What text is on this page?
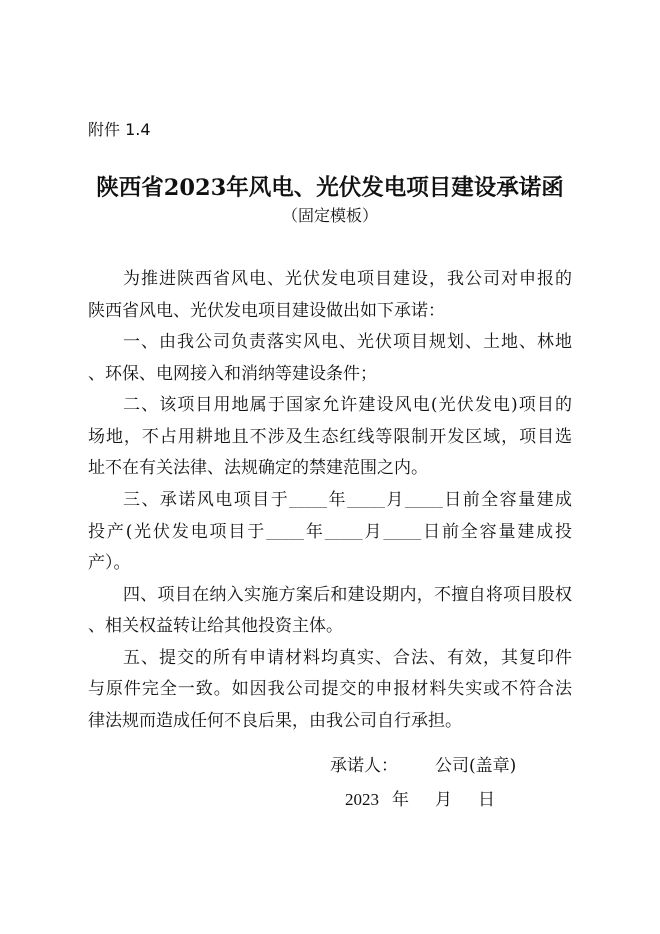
附件 1.4
陕西省2023年风电、光伏发电项目建设承诺函
（固定模板）
为推进陕西省风电、光伏发电项目建设，我公司对申报的
陕西省风电、光伏发电项目建设做出如下承诺：
一、由我公司负责落实风电、光伏项目规划、土地、林地
、环保、电网接入和消纳等建设条件；
二、该项目用地属于国家允许建设风电(光伏发电)项目的
场地，不占用耕地且不涉及生态红线等限制开发区域，项目选
址不在有关法律、法规确定的禁建范围之内。
三、承诺风电项目于_____年_____月_____日前全容量建成
投产(光伏发电项目于_____年_____月_____日前全容量建成投
产）。
四、项目在纳入实施方案后和建设期内，不擅自将项目股权
、相关权益转让给其他投资主体。
五、提交的所有申请材料均真实、合法、有效，其复印件
与原件完全一致。如因我公司提交的申报材料失实或不符合法
律法规而造成任何不良后果，由我公司自行承担。
承诺人： 公司(盖章)
2023 年 月 日
